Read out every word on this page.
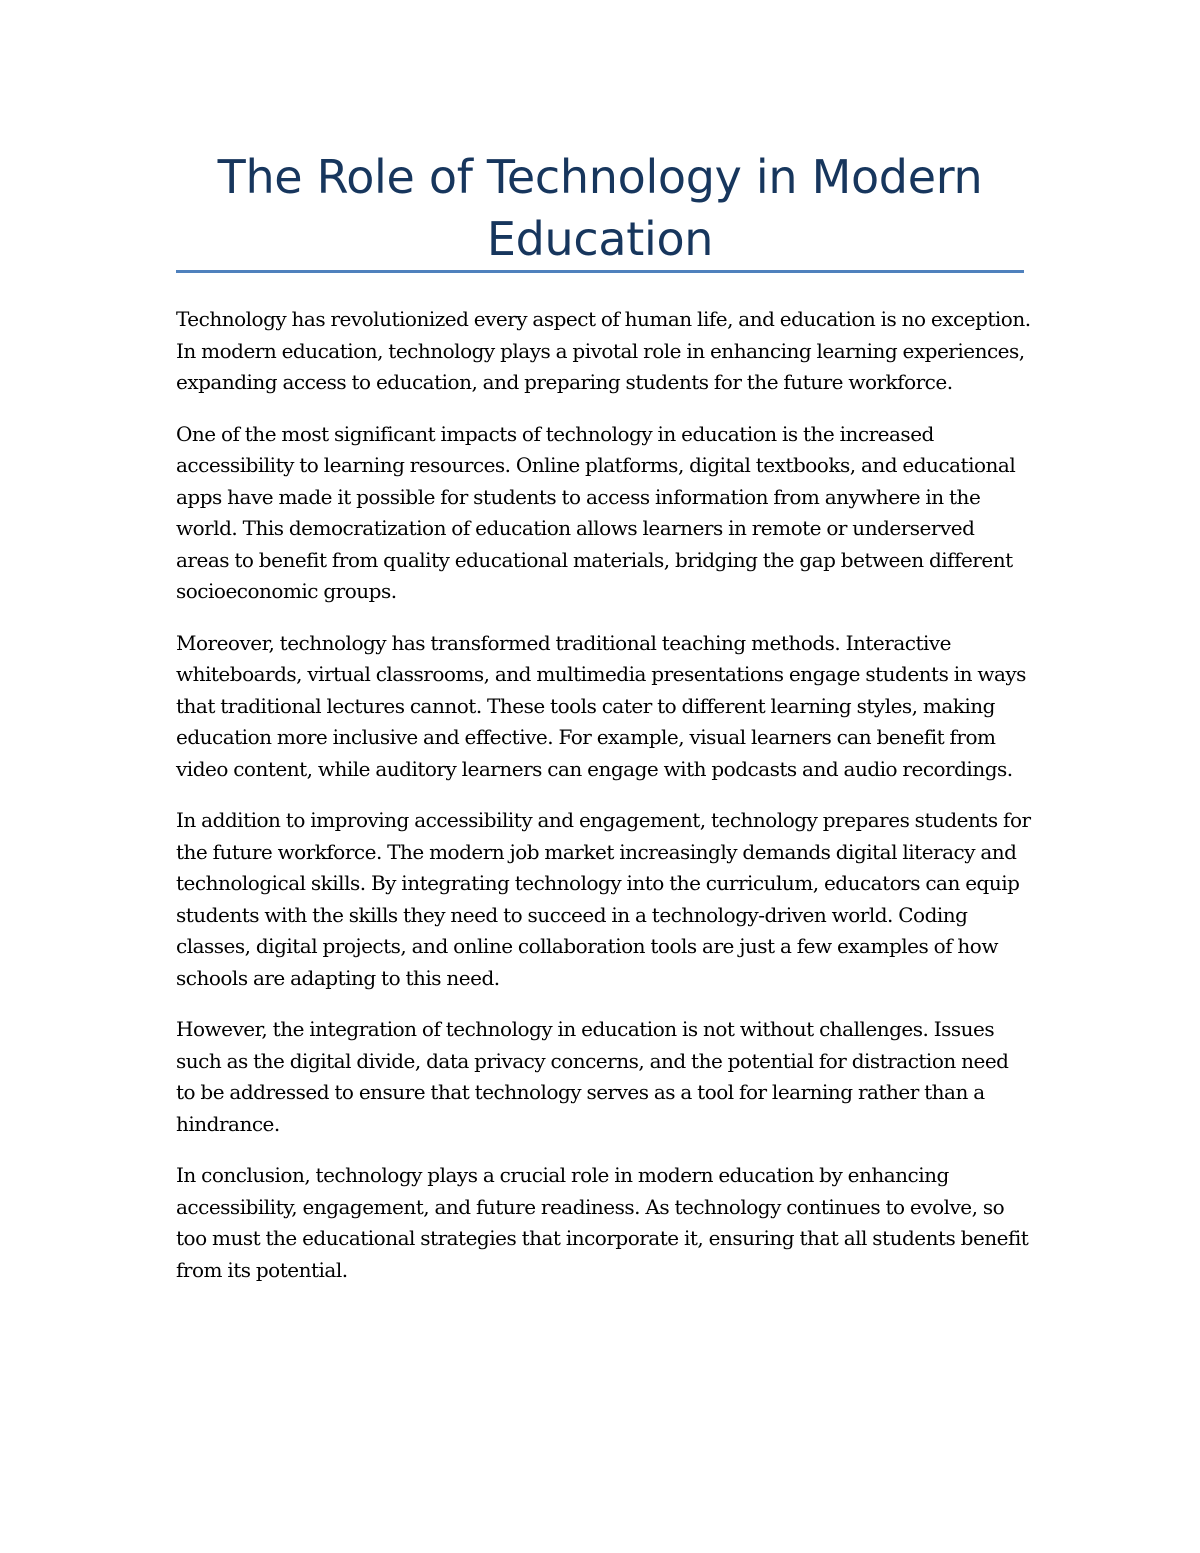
The Role of Technology in Modern Education

Technology has revolutionized every aspect of human life, and education is no exception. In modern education, technology plays a pivotal role in enhancing learning experiences, expanding access to education, and preparing students for the future workforce.

One of the most significant impacts of technology in education is the increased accessibility to learning resources. Online platforms, digital textbooks, and educational apps have made it possible for students to access information from anywhere in the world. This democratization of education allows learners in remote or underserved areas to benefit from quality educational materials, bridging the gap between different socioeconomic groups.

Moreover, technology has transformed traditional teaching methods. Interactive whiteboards, virtual classrooms, and multimedia presentations engage students in ways that traditional lectures cannot. These tools cater to different learning styles, making education more inclusive and effective. For example, visual learners can benefit from video content, while auditory learners can engage with podcasts and audio recordings.

In addition to improving accessibility and engagement, technology prepares students for the future workforce. The modern job market increasingly demands digital literacy and technological skills. By integrating technology into the curriculum, educators can equip students with the skills they need to succeed in a technology-driven world. Coding classes, digital projects, and online collaboration tools are just a few examples of how schools are adapting to this need.

However, the integration of technology in education is not without challenges. Issues such as the digital divide, data privacy concerns, and the potential for distraction need to be addressed to ensure that technology serves as a tool for learning rather than a hindrance.

In conclusion, technology plays a crucial role in modern education by enhancing accessibility, engagement, and future readiness. As technology continues to evolve, so too must the educational strategies that incorporate it, ensuring that all students benefit from its potential.
